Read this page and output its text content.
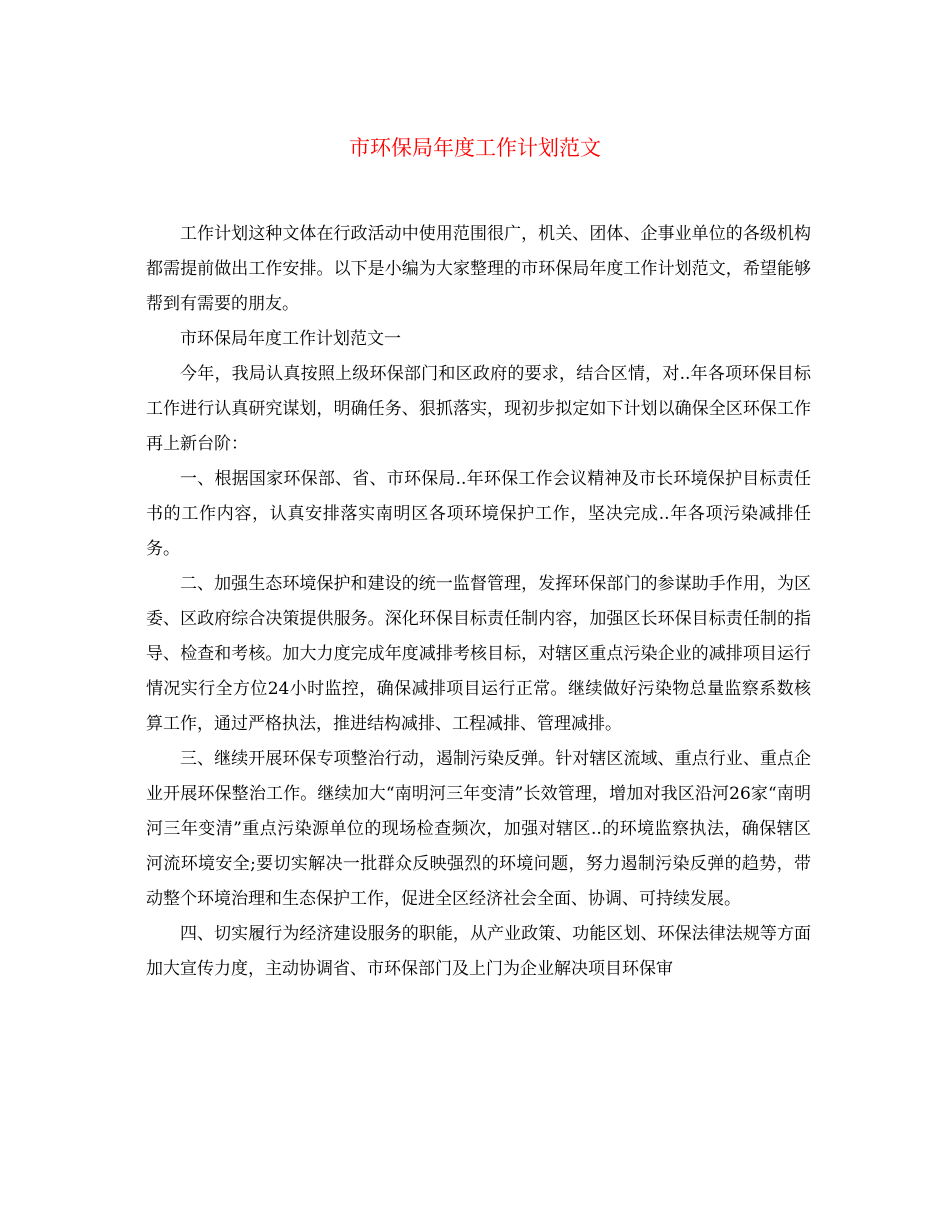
市环保局年度工作计划范文

工作计划这种文体在行政活动中使用范围很广，机关、团体、企事业单位的各级机构都需提前做出工作安排。以下是小编为大家整理的市环保局年度工作计划范文，希望能够帮到有需要的朋友。

市环保局年度工作计划范文一

今年，我局认真按照上级环保部门和区政府的要求，结合区情，对..年各项环保目标工作进行认真研究谋划，明确任务、狠抓落实，现初步拟定如下计划以确保全区环保工作再上新台阶：

一、根据国家环保部、省、市环保局..年环保工作会议精神及市长环境保护目标责任书的工作内容，认真安排落实南明区各项环境保护工作，坚决完成..年各项污染减排任务。

二、加强生态环境保护和建设的统一监督管理，发挥环保部门的参谋助手作用，为区委、区政府综合决策提供服务。深化环保目标责任制内容，加强区长环保目标责任制的指导、检查和考核。加大力度完成年度减排考核目标，对辖区重点污染企业的减排项目运行情况实行全方位24小时监控，确保减排项目运行正常。继续做好污染物总量监察系数核算工作，通过严格执法，推进结构减排、工程减排、管理减排。

三、继续开展环保专项整治行动，遏制污染反弹。针对辖区流域、重点行业、重点企业开展环保整治工作。继续加大“南明河三年变清”长效管理，增加对我区沿河26家“南明河三年变清”重点污染源单位的现场检查频次，加强对辖区..的环境监察执法，确保辖区河流环境安全;要切实解决一批群众反映强烈的环境问题，努力遏制污染反弹的趋势，带动整个环境治理和生态保护工作，促进全区经济社会全面、协调、可持续发展。

四、切实履行为经济建设服务的职能，从产业政策、功能区划、环保法律法规等方面加大宣传力度，主动协调省、市环保部门及上门为企业解决项目环保审
